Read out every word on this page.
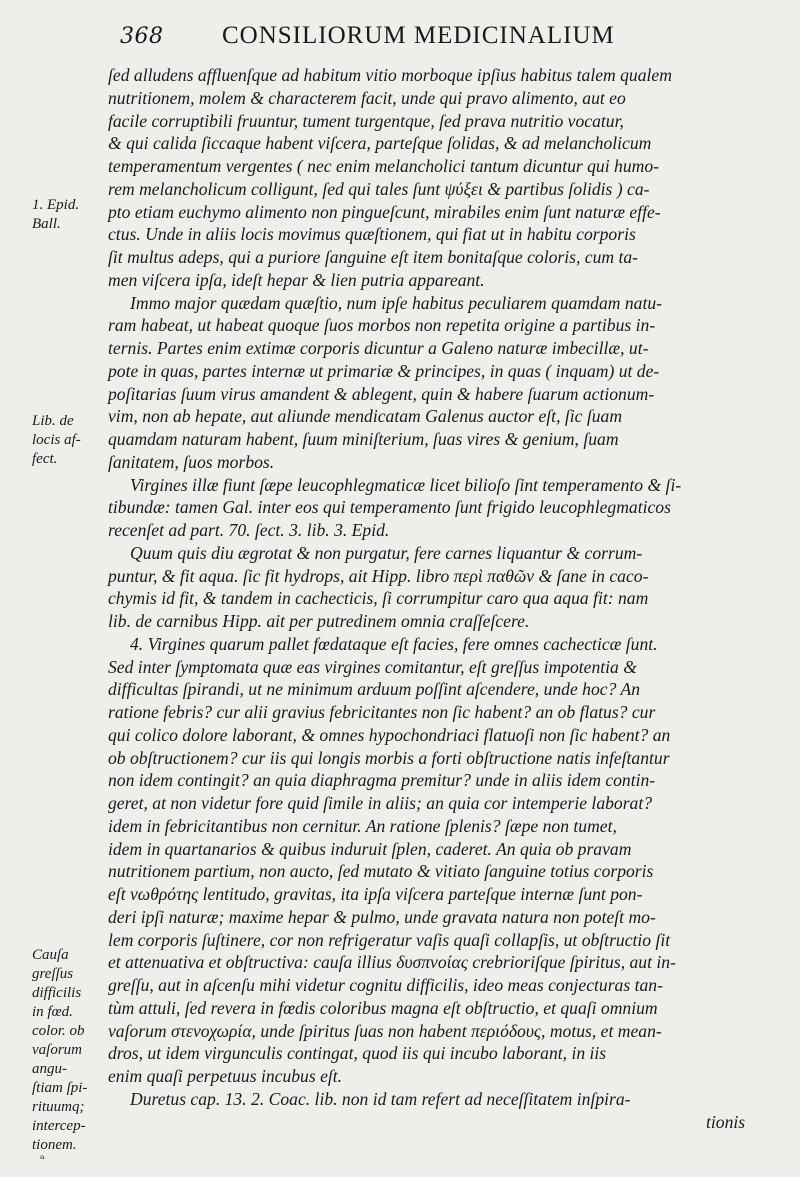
368 CONSILIORUM MEDICINALIUM
ſed alludens affluenſque ad habitum vitio morboque ipſius habitus talem qualem
nutritionem, molem & characterem facit, unde qui pravo alimento, aut eo
facile corruptibili fruuntur, tument turgentque, ſed prava nutritio vocatur,
& qui calida ſiccaque habent viſcera, parteſque ſolidas, & ad melancholicum
temperamentum vergentes ( nec enim melancholici tantum dicuntur qui humo-
rem melancholicum colligunt, ſed qui tales ſunt ψύξει & partibus ſolidis ) ca-
pto etiam euchymo alimento non pingueſcunt, mirabiles enim ſunt naturæ effe-
ctus. Unde in aliis locis movimus quæſtionem, qui fiat ut in habitu corporis
ſit multus adeps, qui a puriore ſanguine eſt item bonitaſque coloris, cum ta-
men viſcera ipſa, ideſt hepar & lien putria appareant.
Immo major quædam quæſtio, num ipſe habitus peculiarem quamdam natu-
ram habeat, ut habeat quoque ſuos morbos non repetita origine a partibus in-
ternis. Partes enim extimæ corporis dicuntur a Galeno naturæ imbecillæ, ut-
pote in quas, partes internæ ut primariæ & principes, in quas ( inquam) ut de-
poſitarias ſuum virus amandent & ablegent, quin & habere ſuarum actionum-
vim, non ab hepate, aut aliunde mendicatam Galenus auctor eſt, ſic ſuam
quamdam naturam habent, ſuum miniſterium, ſuas vires & genium, ſuam
ſanitatem, ſuos morbos.
Virgines illæ fiunt ſæpe leucophlegmaticæ licet bilioſo ſint temperamento & ſi-
tibundæ: tamen Gal. inter eos qui temperamento ſunt frigido leucophlegmaticos
recenſet ad part. 70. ſect. 3. lib. 3. Epid.
Quum quis diu ægrotat & non purgatur, fere carnes liquantur & corrum-
puntur, & fit aqua. ſic fit hydrops, ait Hipp. libro περὶ παθῶν & ſane in caco-
chymis id fit, & tandem in cachecticis, ſi corrumpitur caro qua aqua fit: nam
lib. de carnibus Hipp. ait per putredinem omnia craſſeſcere.
4. Virgines quarum pallet fœdataque eſt facies, fere omnes cachecticæ ſunt.
Sed inter ſymptomata quæ eas virgines comitantur, eſt greſſus impotentia &
difficultas ſpirandi, ut ne minimum arduum poſſint aſcendere, unde hoc? An
ratione febris? cur alii gravius febricitantes non ſic habent? an ob flatus? cur
qui colico dolore laborant, & omnes hypochondriaci flatuoſi non ſic habent? an
ob obſtructionem? cur iis qui longis morbis a forti obſtructione natis infeſtantur
non idem contingit? an quia diaphragma premitur? unde in aliis idem contin-
geret, at non videtur fore quid ſimile in aliis; an quia cor intemperie laborat?
idem in febricitantibus non cernitur. An ratione ſplenis? ſæpe non tumet,
idem in quartanarios & quibus induruit ſplen, caderet. An quia ob pravam
nutritionem partium, non aucto, ſed mutato & vitiato ſanguine totius corporis
eſt νωθρότης lentitudo, gravitas, ita ipſa viſcera parteſque internæ ſunt pon-
deri ipſi naturæ; maxime hepar & pulmo, unde gravata natura non poteſt mo-
lem corporis ſuſtinere, cor non refrigeratur vaſis quaſi collapſis, ut obſtructio ſit
et attenuativa et obſtructiva: cauſa illius δυσπνοίας crebrioriſque ſpiritus, aut in-
greſſu, aut in aſcenſu mihi videtur cognitu difficilis, ideo meas conjecturas tan-
tùm attuli, ſed revera in fœdis coloribus magna eſt obſtructio, et quaſi omnium
vaſorum στενοχωρία, unde ſpiritus ſuas non habent περιόδους, motus, et mean-
dros, ut idem virgunculis contingat, quod iis qui incubo laborant, in iis
enim quaſi perpetuus incubus eſt.
Duretus cap. 13. 2. Coac. lib. non id tam refert ad neceſſitatem inſpira-
tionis
1. Epid.
Ball.
Lib. de
locis af-
fect.
Cauſa
greſſus
difficilis
in fœd.
color. ob
vaſorum
angu-
ſtiam ſpi-
rituumq;
intercep-
tionem.
ᵃ
